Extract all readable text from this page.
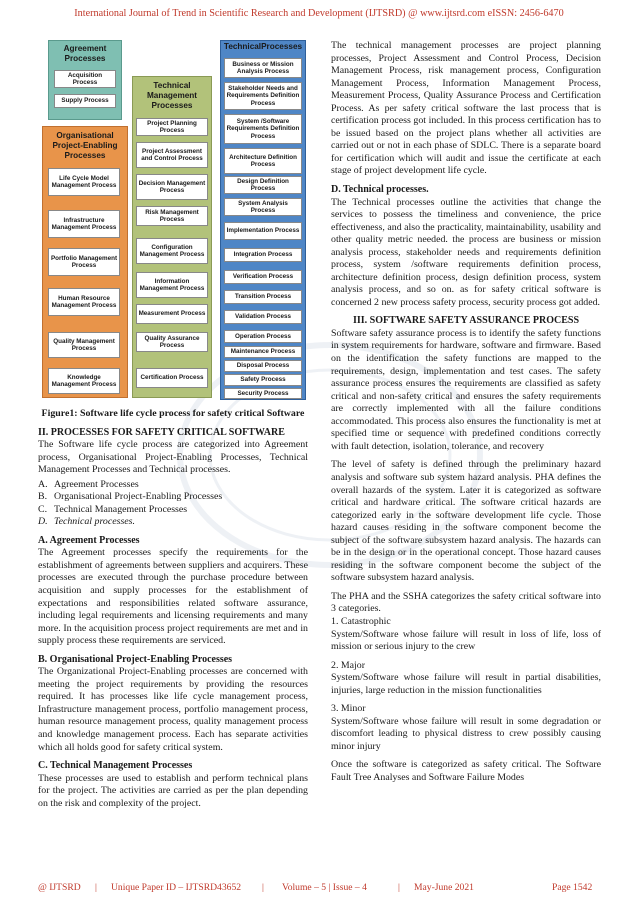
International Journal of Trend in Scientific Research and Development (IJTSRD) @ www.ijtsrd.com eISSN: 2456-6470
Agreement Processes
Acquisition Process
Supply Process
Organisational Project-Enabling Processes
Life Cycle Model Management Process
Infrastructure Management Process
Portfolio Management Process
Human Resource Management Process
Quality Management Process
Knowledge Management Process
Technical Management Processes
Project Planning Process
Project Assessment and Control Process
Decision Management Process
Risk Management Process
Configuration Management Process
Information Management Process
Measurement Process
Quality Assurance Process
Certification Process
TechnicalProcesses
Business or Mission Analysis Process
Stakeholder Needs and Requirements Definition Process
System /Software Requirements Definition Process
Architecture Definition Process
Design Definition Process
System Analysis Process
Implementation Process
Integration Process
Verification Process
Transition Process
Validation Process
Operation Process
Maintenance Process
Disposal Process
Safety Process
Security Process
Figure1: Software life cycle process for safety critical Software
II. PROCESSES FOR SAFETY CRITICAL SOFTWARE

The Software life cycle process are categorized into Agreement process, Organisational Project-Enabling Processes, Technical Management Processes and Technical processes.

A. Agreement Processes
B. Organisational Project-Enabling Processes
C. Technical Management Processes
D. Technical processes.
A. Agreement Processes

The Agreement processes specify the requirements for the establishment of agreements between suppliers and acquirers. These processes are executed through the purchase procedure between acquisition and supply processes for the establishment of expectations and responsibilities related software assurance, including legal requirements and licensing requirements and many more. In the acquisition process project requirements are met and in supply process these requirements are serviced.

B. Organisational Project-Enabling Processes

The Organizational Project-Enabling processes are concerned with meeting the project requirements by providing the resources required. It has processes like life cycle management process, Infrastructure management process, portfolio management process, human resource management process, quality management process and knowledge management process. Each has separate activities which all holds good for safety critical system.

C. Technical Management Processes

These processes are used to establish and perform technical plans for the project. The activities are carried as per the plan depending on the risk and complexity of the project.

The technical management processes are project planning processes, Project Assessment and Control Process, Decision Management Process, risk management process, Configuration Management Process, Information Management Process, Measurement Process, Quality Assurance Process and Certification Process. As per safety critical software the last process that is certification process got included. In this process certification has to be issued based on the project plans whether all activities are carried out or not in each phase of SDLC. There is a separate board for certification which will audit and issue the certificate at each stage of project development life cycle.

D. Technical processes.

The Technical processes outline the activities that change the services to possess the timeliness and convenience, the price effectiveness, and also the practicality, maintainability, usability and other quality metric needed. the process are business or mission analysis process, stakeholder needs and requirements definition process, system /software requirements definition process, architecture definition process, design definition process, system analysis process, and so on. as for safety critical software is concerned 2 new process safety process, security process got added.

III. SOFTWARE SAFETY ASSURANCE PROCESS

Software safety assurance process is to identify the safety functions in system requirements for hardware, software and firmware. Based on the identification the safety functions are mapped to the requirements, design, implementation and test cases. The safety assurance process ensures the requirements are classified as safety critical and non-safety critical and ensures the safety requirements are correctly implemented with all the failure conditions accommodated. This process also ensures the functionality is met at specified time or sequence with predefined conditions correctly with fault detection, isolation, tolerance, and recovery

The level of safety is defined through the preliminary hazard analysis and software sub system hazard analysis. PHA defines the overall hazards of the system. Later it is categorized as software critical and hardware critical. The software critical hazards are categorized early in the software development life cycle. Those hazard causes residing in the software component become the subject of the software subsystem hazard analysis. The hazards can be in the design or in the operational concept. Those hazard causes residing in the software component become the subject of the software subsystem hazard analysis.

The PHA and the SSHA categorizes the safety critical software into 3 categories.

1. Catastrophic

System/Software whose failure will result in loss of life, loss of mission or serious injury to the crew

2. Major

System/Software whose failure will result in partial disabilities, injuries, large reduction in the mission functionalities

3. Minor

System/Software whose failure will result in some degradation or discomfort leading to physical distress to crew possibly causing minor injury

Once the software is categorized as safety critical. The Software Fault Tree Analyses and Software Failure Modes

@ IJTSRD | Unique Paper ID – IJTSRD43652 | Volume – 5 | Issue – 4	| May-June 2021	Page 1542
